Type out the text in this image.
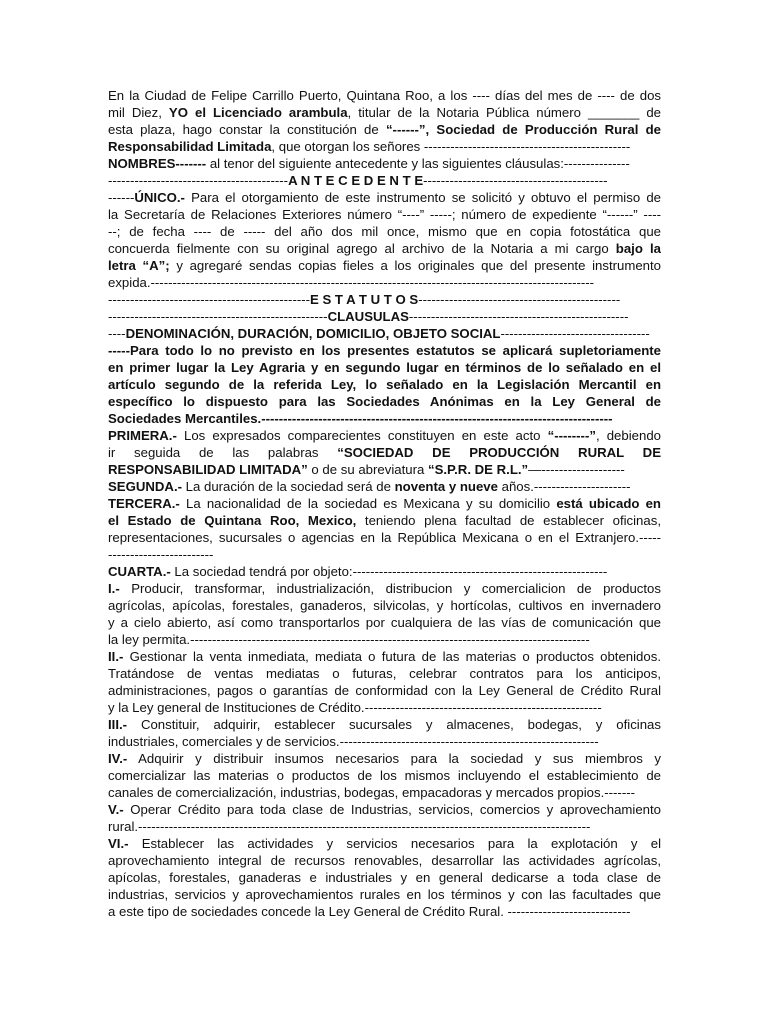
En la Ciudad de Felipe Carrillo Puerto, Quintana Roo, a los ---- días del mes de ---- de dos
mil Diez, YO el Licenciado arambula, titular de la Notaria Pública número _______ de
esta plaza, hago constar la constitución de “------”, Sociedad de Producción Rural de
Responsabilidad Limitada, que otorgan los señores -----------------------------------------------
NOMBRES------- al tenor del siguiente antecedente y las siguientes cláusulas:---------------
-----------------------------------------A N T E C E D E N T E------------------------------------------
------ÚNICO.- Para el otorgamiento de este instrumento se solicitó y obtuvo el permiso de
la Secretaría de Relaciones Exteriores número “----” -----; número de expediente “------” ----
--; de fecha ---- de ----- del año dos mil once, mismo que en copia fotostática que
concuerda fielmente con su original agrego al archivo de la Notaria a mi cargo bajo la
letra “A”; y agregaré sendas copias fieles a los originales que del presente instrumento
expida.-----------------------------------------------------------------------------------------------------
----------------------------------------------E S T A T U T O S----------------------------------------------
--------------------------------------------------CLAUSULAS--------------------------------------------------
----DENOMINACIÓN, DURACIÓN, DOMICILIO, OBJETO SOCIAL----------------------------------
-----Para todo lo no previsto en los presentes estatutos se aplicará supletoriamente
en primer lugar la Ley Agraria y en segundo lugar en términos de lo señalado en el
artículo segundo de la referida Ley, lo señalado en la Legislación Mercantil en
específico lo dispuesto para las Sociedades Anónimas en la Ley General de
Sociedades Mercantiles.--------------------------------------------------------------------------------
PRIMERA.- Los expresados comparecientes constituyen en este acto “--------”, debiendo
ir seguida de las palabras “SOCIEDAD DE PRODUCCIÓN RURAL DE
RESPONSABILIDAD LIMITADA” o de su abreviatura “S.P.R. DE R.L.”—-------------------
SEGUNDA.- La duración de la sociedad será de noventa y nueve años.----------------------
TERCERA.- La nacionalidad de la sociedad es Mexicana y su domicilio está ubicado en
el Estado de Quintana Roo, Mexico, teniendo plena facultad de establecer oficinas,
representaciones, sucursales o agencias en la República Mexicana o en el Extranjero.-----
------------------------
CUARTA.- La sociedad tendrá por objeto:----------------------------------------------------------
I.- Producir, transformar, industrialización, distribucion y comercialicion de productos
agrícolas, apícolas, forestales, ganaderos, silvicolas, y hortícolas, cultivos en invernadero
y a cielo abierto, así como transportarlos por cualquiera de las vías de comunicación que
la ley permita.-------------------------------------------------------------------------------------------
II.- Gestionar la venta inmediata, mediata o futura de las materias o productos obtenidos.
Tratándose de ventas mediatas o futuras, celebrar contratos para los anticipos,
administraciones, pagos o garantías de conformidad con la Ley General de Crédito Rural
y la Ley general de Instituciones de Crédito.------------------------------------------------------
III.- Constituir, adquirir, establecer sucursales y almacenes, bodegas, y oficinas
industriales, comerciales y de servicios.-----------------------------------------------------------
IV.- Adquirir y distribuir insumos necesarios para la sociedad y sus miembros y
comercializar las materias o productos de los mismos incluyendo el establecimiento de
canales de comercialización, industrias, bodegas, empacadoras y mercados propios.-------
V.- Operar Crédito para toda clase de Industrias, servicios, comercios y aprovechamiento
rural.-------------------------------------------------------------------------------------------------------
VI.- Establecer las actividades y servicios necesarios para la explotación y el
aprovechamiento integral de recursos renovables, desarrollar las actividades agrícolas,
apícolas, forestales, ganaderas e industriales y en general dedicarse a toda clase de
industrias, servicios y aprovechamientos rurales en los términos y con las facultades que
a este tipo de sociedades concede la Ley General de Crédito Rural. ----------------------------
